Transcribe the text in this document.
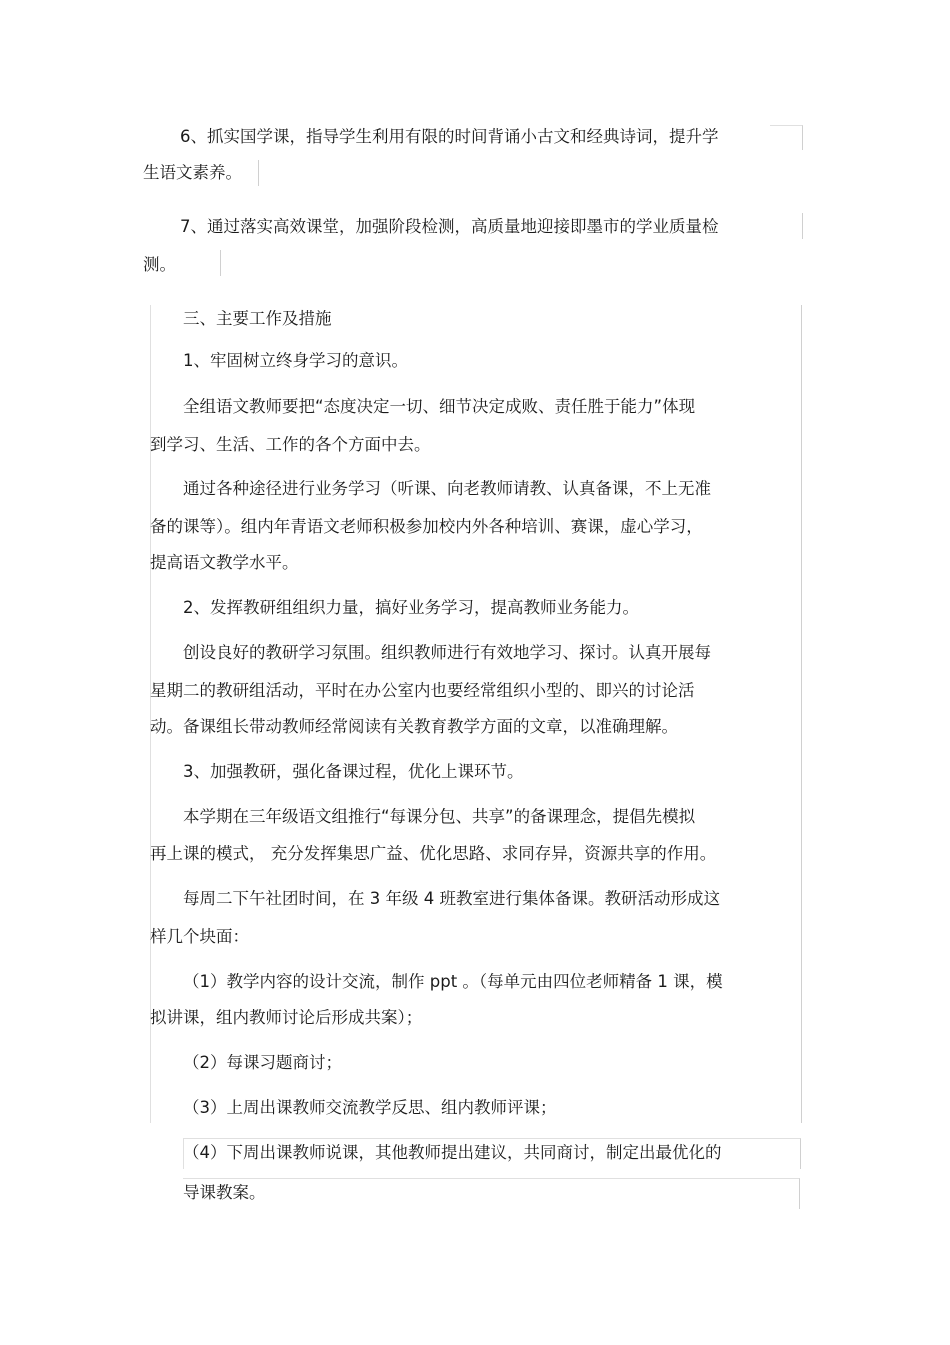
6、抓实国学课，指导学生利用有限的时间背诵小古文和经典诗词，提升学
生语文素养。
7、通过落实高效课堂，加强阶段检测，高质量地迎接即墨市的学业质量检
测。
三、主要工作及措施
1、牢固树立终身学习的意识。
全组语文教师要把“态度决定一切、细节决定成败、责任胜于能力”体现
到学习、生活、工作的各个方面中去。
通过各种途径进行业务学习（听课、向老教师请教、认真备课，不上无准
备的课等）。组内年青语文老师积极参加校内外各种培训、赛课，虚心学习，
提高语文教学水平。
2、发挥教研组组织力量，搞好业务学习，提高教师业务能力。
创设良好的教研学习氛围。组织教师进行有效地学习、探讨。认真开展每
星期二的教研组活动，平时在办公室内也要经常组织小型的、即兴的讨论活
动。备课组长带动教师经常阅读有关教育教学方面的文章，以准确理解。
3、加强教研，强化备课过程，优化上课环节。
本学期在三年级语文组推行“每课分包、共享”的备课理念，提倡先模拟
再上课的模式， 充分发挥集思广益、优化思路、求同存异，资源共享的作用。
每周二下午社团时间，在 3 年级 4 班教室进行集体备课。教研活动形成这
样几个块面：
（1）教学内容的设计交流，制作 ppt 。（每单元由四位老师精备 1 课，模
拟讲课，组内教师讨论后形成共案）；
（2）每课习题商讨；
（3）上周出课教师交流教学反思、组内教师评课；
（4）下周出课教师说课，其他教师提出建议，共同商讨，制定出最优化的
导课教案。
